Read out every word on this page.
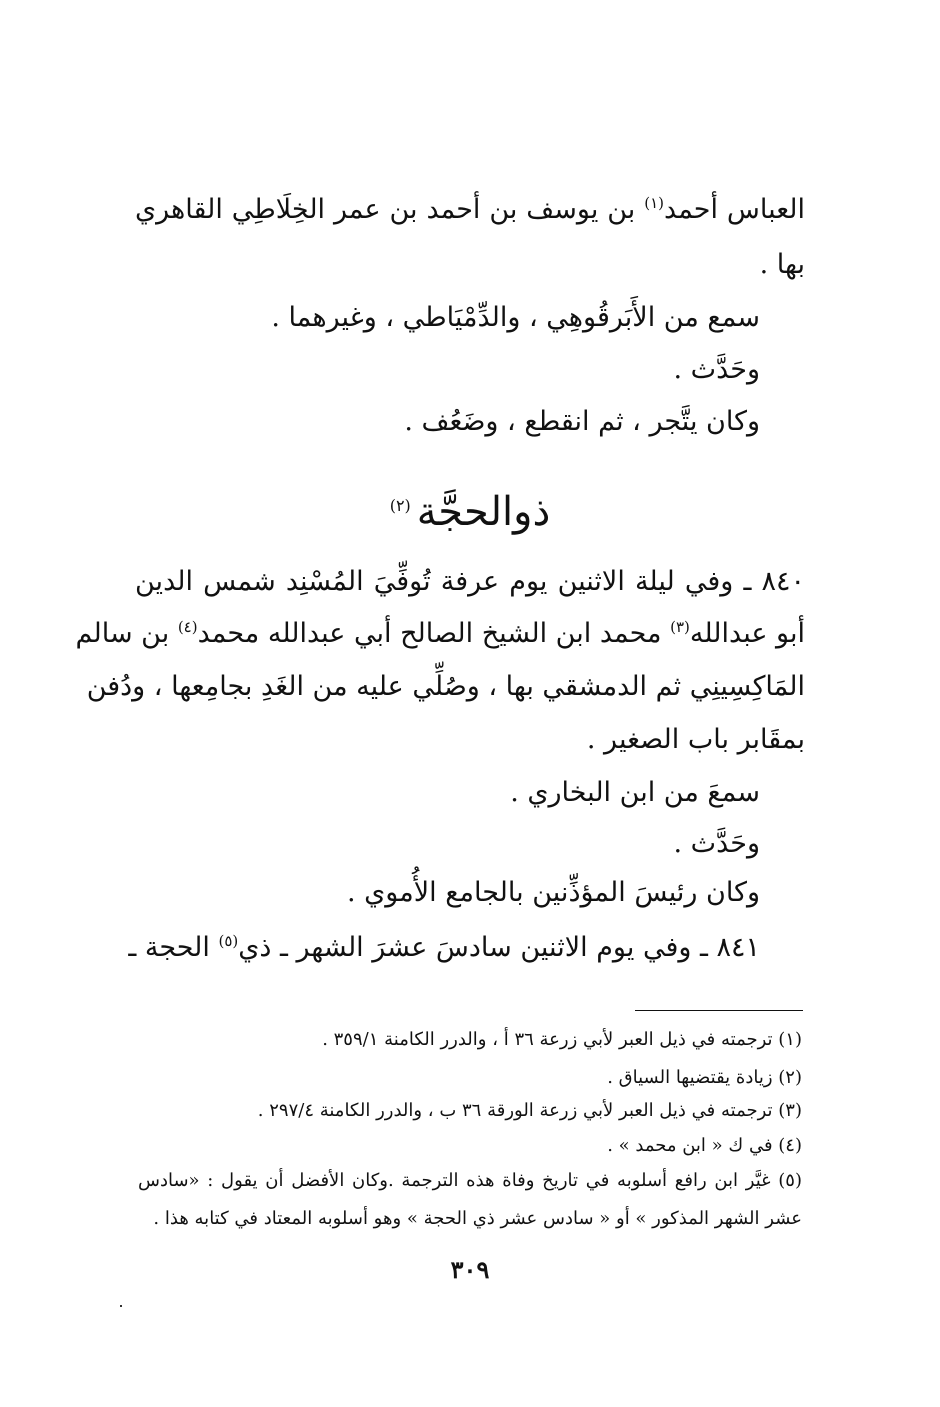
العباس أحمد$^{(١)}$ بن يوسف بن أحمد بن عمر الخِلَاطِي القاهري
بها .
سمع من الأَبَرقُوهِي ، والدِّمْيَاطي ، وغيرهما .
وحَدَّث .
وكان يتَّجر ، ثم انقطع ، وضَعُف .
ذوالحجَّة$^{(٢)}$
٨٤٠ ـ وفي ليلة الاثنين يوم عرفة تُوفِّيَ المُسْنِد شمس الدين
أبو عبدالله$^{(٣)}$ محمد ابن الشيخ الصالح أبي عبدالله محمد$^{(٤)}$ بن سالم
المَاكِسِينِي ثم الدمشقي بها ، وصُلِّي عليه من الغَدِ بجامِعها ، ودُفن
بمقَابر باب الصغير .
سمعَ من ابن البخاري .
وحَدَّث .
وكان رئيسَ المؤذِّنين بالجامع الأُموي .
٨٤١ ـ وفي يوم الاثنين سادسَ عشرَ الشهر ـ ذي$^{(٥)}$ الحجة ـ
(١) ترجمته في ذيل العبر لأبي زرعة ٣٦ أ ، والدرر الكامنة ٣٥٩/١ .
(٢) زيادة يقتضيها السياق .
(٣) ترجمته في ذيل العبر لأبي زرعة الورقة ٣٦ ب ، والدرر الكامنة ٢٩٧/٤ .
(٤) في ك « ابن محمد » .
(٥) غيَّر ابن رافع أسلوبه في تاريخ وفاة هذه الترجمة .وكان الأفضل أن يقول : «سادس
عشر الشهر المذكور » أو « سادس عشر ذي الحجة » وهو أسلوبه المعتاد في كتابه هذا .
٣٠٩
